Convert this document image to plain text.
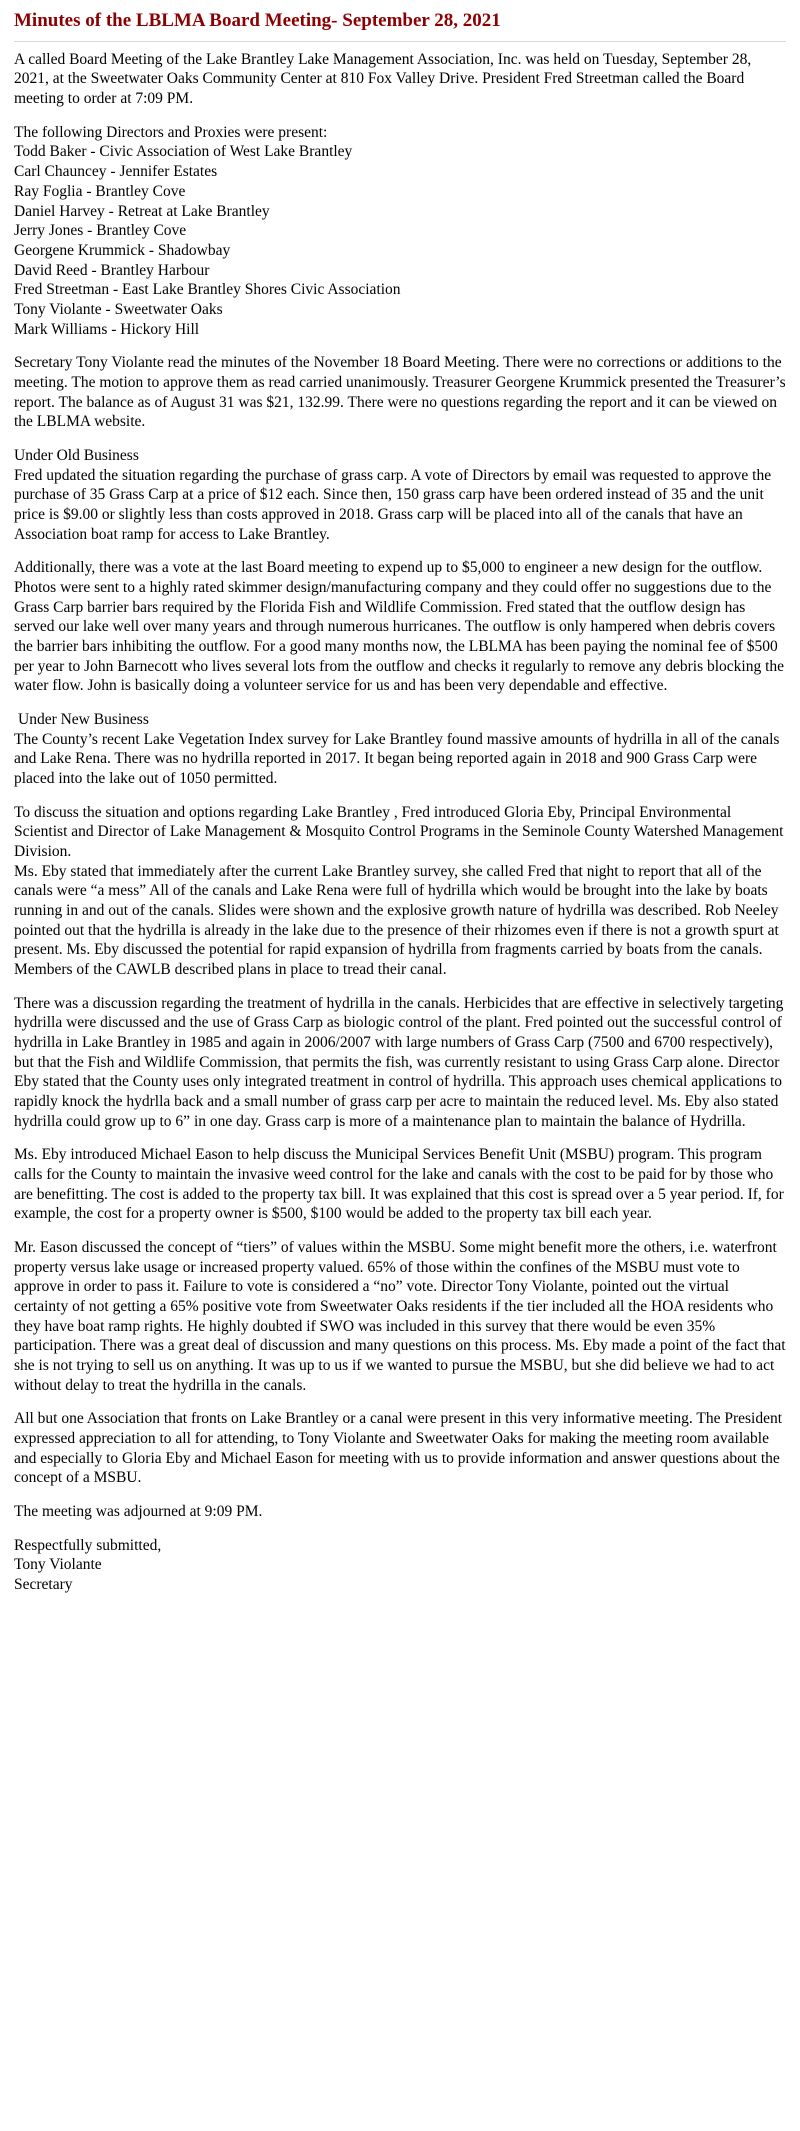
Minutes of the LBLMA Board Meeting- September 28, 2021

A called Board Meeting of the Lake Brantley Lake Management Association, Inc. was held on Tuesday, September 28, 2021, at the Sweetwater Oaks Community Center at 810 Fox Valley Drive. President Fred Streetman called the Board meeting to order at 7:09 PM.

The following Directors and Proxies were present:

Todd Baker - Civic Association of West Lake Brantley
Carl Chauncey - Jennifer Estates
Ray Foglia - Brantley Cove
Daniel Harvey - Retreat at Lake Brantley
Jerry Jones - Brantley Cove
Georgene Krummick - Shadowbay
David Reed - Brantley Harbour
Fred Streetman - East Lake Brantley Shores Civic Association
Tony Violante - Sweetwater Oaks
Mark Williams - Hickory Hill

Secretary Tony Violante read the minutes of the November 18 Board Meeting. There were no corrections or additions to the meeting. The motion to approve them as read carried unanimously. Treasurer Georgene Krummick presented the Treasurer’s report. The balance as of August 31 was $21, 132.99. There were no questions regarding the report and it can be viewed on the LBLMA website.

Under Old Business

Fred updated the situation regarding the purchase of grass carp. A vote of Directors by email was requested to approve the purchase of 35 Grass Carp at a price of $12 each. Since then, 150 grass carp have been ordered instead of 35 and the unit price is $9.00 or slightly less than costs approved in 2018. Grass carp will be placed into all of the canals that have an Association boat ramp for access to Lake Brantley.

Additionally, there was a vote at the last Board meeting to expend up to $5,000 to engineer a new design for the outflow. Photos were sent to a highly rated skimmer design/manufacturing company and they could offer no suggestions due to the Grass Carp barrier bars required by the Florida Fish and Wildlife Commission. Fred stated that the outflow design has served our lake well over many years and through numerous hurricanes. The outflow is only hampered when debris covers the barrier bars inhibiting the outflow. For a good many months now, the LBLMA has been paying the nominal fee of $500 per year to John Barnecott who lives several lots from the outflow and checks it regularly to remove any debris blocking the water flow. John is basically doing a volunteer service for us and has been very dependable and effective.

Under New Business

The County’s recent Lake Vegetation Index survey for Lake Brantley found massive amounts of hydrilla in all of the canals and Lake Rena. There was no hydrilla reported in 2017. It began being reported again in 2018 and 900 Grass Carp were placed into the lake out of 1050 permitted.

To discuss the situation and options regarding Lake Brantley , Fred introduced Gloria Eby, Principal Environmental Scientist and Director of Lake Management & Mosquito Control Programs in the Seminole County Watershed Management Division.

Ms. Eby stated that immediately after the current Lake Brantley survey, she called Fred that night to report that all of the canals were “a mess” All of the canals and Lake Rena were full of hydrilla which would be brought into the lake by boats running in and out of the canals. Slides were shown and the explosive growth nature of hydrilla was described. Rob Neeley pointed out that the hydrilla is already in the lake due to the presence of their rhizomes even if there is not a growth spurt at present. Ms. Eby discussed the potential for rapid expansion of hydrilla from fragments carried by boats from the canals. Members of the CAWLB described plans in place to tread their canal.

There was a discussion regarding the treatment of hydrilla in the canals. Herbicides that are effective in selectively targeting hydrilla were discussed and the use of Grass Carp as biologic control of the plant. Fred pointed out the successful control of hydrilla in Lake Brantley in 1985 and again in 2006/2007 with large numbers of Grass Carp (7500 and 6700 respectively), but that the Fish and Wildlife Commission, that permits the fish, was currently resistant to using Grass Carp alone. Director Eby stated that the County uses only integrated treatment in control of hydrilla. This approach uses chemical applications to rapidly knock the hydrlla back and a small number of grass carp per acre to maintain the reduced level. Ms. Eby also stated hydrilla could grow up to 6” in one day. Grass carp is more of a maintenance plan to maintain the balance of Hydrilla.

Ms. Eby introduced Michael Eason to help discuss the Municipal Services Benefit Unit (MSBU) program. This program calls for the County to maintain the invasive weed control for the lake and canals with the cost to be paid for by those who are benefitting. The cost is added to the property tax bill. It was explained that this cost is spread over a 5 year period. If, for example, the cost for a property owner is $500, $100 would be added to the property tax bill each year.

Mr. Eason discussed the concept of “tiers” of values within the MSBU. Some might benefit more the others, i.e. waterfront property versus lake usage or increased property valued. 65% of those within the confines of the MSBU must vote to approve in order to pass it. Failure to vote is considered a “no” vote. Director Tony Violante, pointed out the virtual certainty of not getting a 65% positive vote from Sweetwater Oaks residents if the tier included all the HOA residents who they have boat ramp rights. He highly doubted if SWO was included in this survey that there would be even 35% participation. There was a great deal of discussion and many questions on this process. Ms. Eby made a point of the fact that she is not trying to sell us on anything. It was up to us if we wanted to pursue the MSBU, but she did believe we had to act without delay to treat the hydrilla in the canals.

All but one Association that fronts on Lake Brantley or a canal were present in this very informative meeting. The President expressed appreciation to all for attending, to Tony Violante and Sweetwater Oaks for making the meeting room available and especially to Gloria Eby and Michael Eason for meeting with us to provide information and answer questions about the concept of a MSBU.

The meeting was adjourned at 9:09 PM.

Respectfully submitted,
Tony Violante
Secretary
